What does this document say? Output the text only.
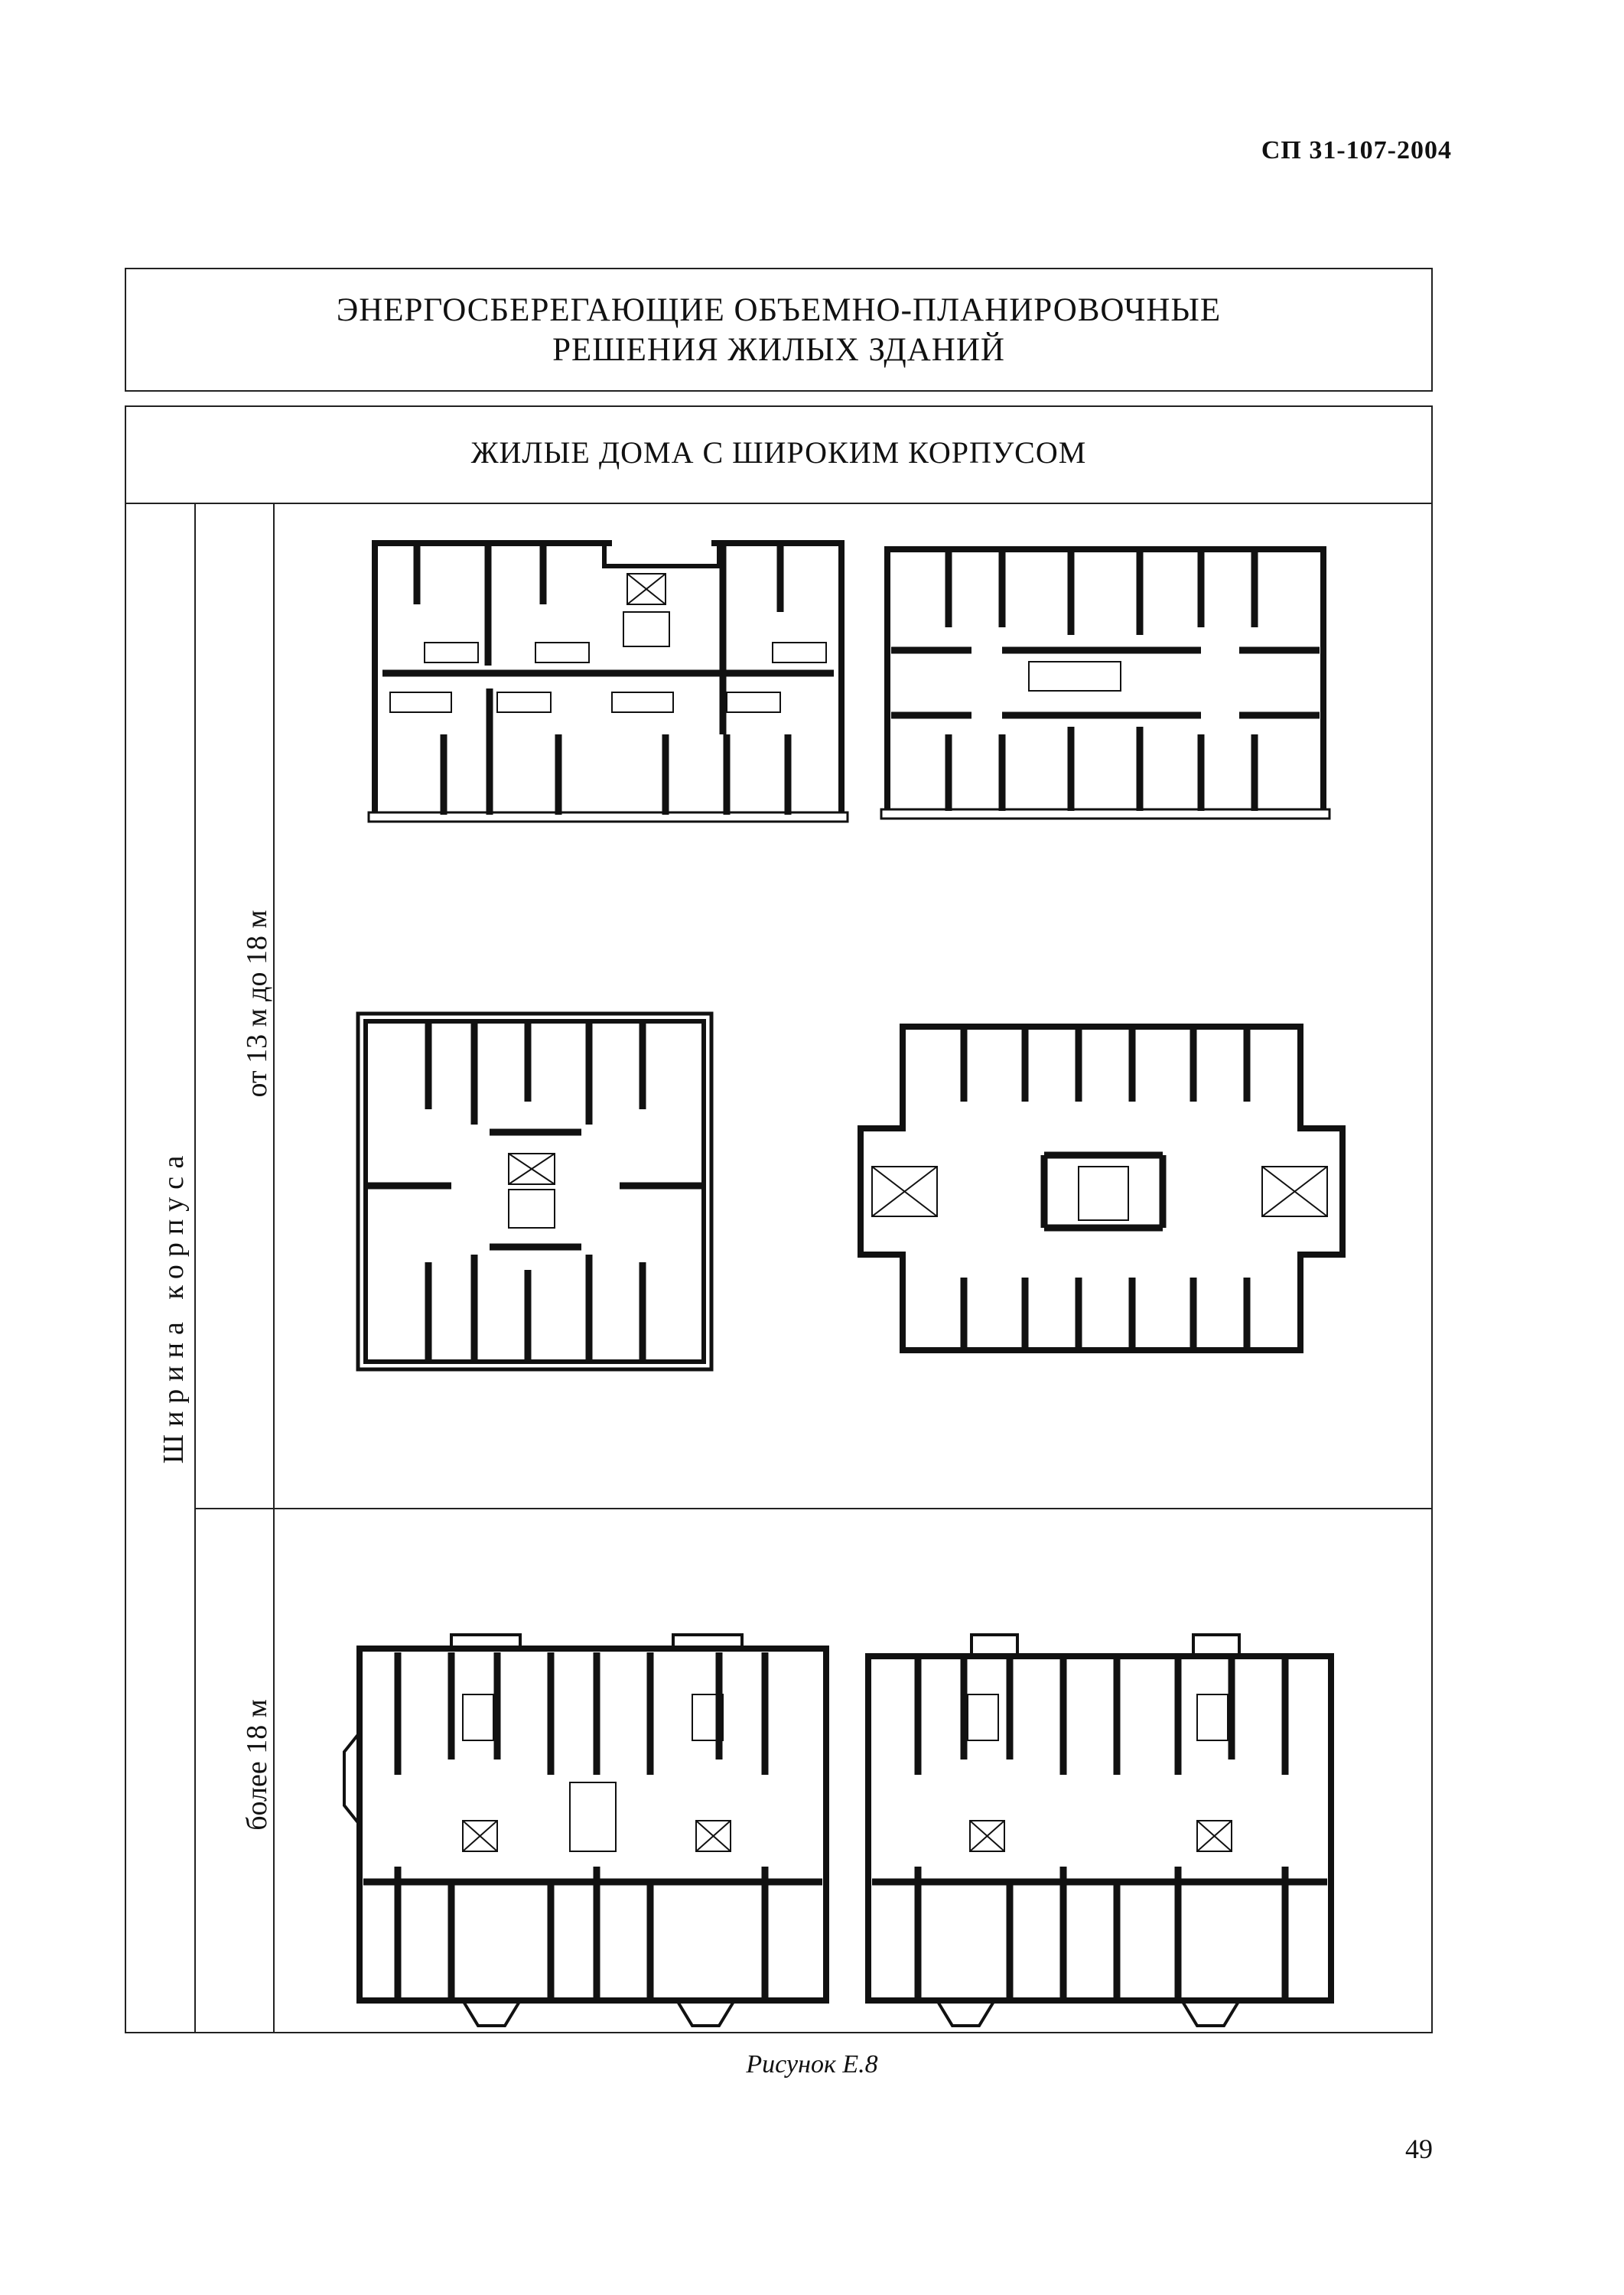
СП 31-107-2004
ЭНЕРГОСБЕРЕГАЮЩИЕ ОБЪЕМНО-ПЛАНИРОВОЧНЫЕ
РЕШЕНИЯ ЖИЛЫХ ЗДАНИЙ
ЖИЛЫЕ ДОМА С ШИРОКИМ КОРПУСОМ
Ширина корпуса
от 13 м до 18 м
более 18 м
Рисунок Е.8
49
